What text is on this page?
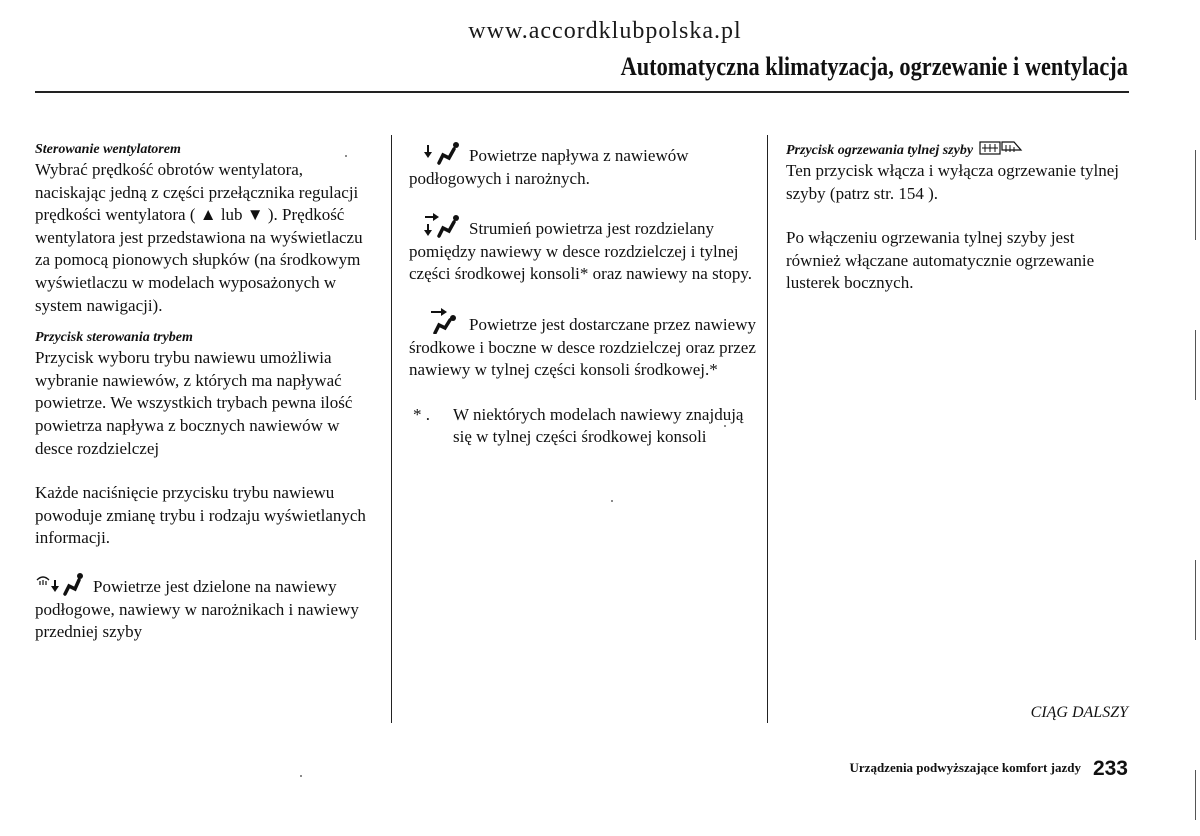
www.accordklubpolska.pl
Automatyczna klimatyzacja, ogrzewanie i wentylacja
Sterowanie wentylatorem

Wybrać prędkość obrotów wentylatora, naciskając jedną z części przełącznika regulacji prędkości wentylatora ( ▲ lub ▼ ). Prędkość wentylatora jest przedstawiona na wyświetlaczu za pomocą pionowych słupków (na środkowym wyświetlaczu w modelach wyposażonych w system nawigacji).

Przycisk sterowania trybem

Przycisk wyboru trybu nawiewu umożliwia wybranie nawiewów, z których ma napływać powietrze. We wszystkich trybach pewna ilość powietrza napływa z bocznych nawiewów w desce rozdzielczej

Każde naciśnięcie przycisku trybu nawiewu powoduje zmianę trybu i rodzaju wyświetlanych informacji.

Powietrze jest dzielone na nawiewy podłogowe, nawiewy w narożnikach i nawiewy przedniej szyby

Powietrze napływa z nawiewów podłogowych i narożnych.

Strumień powietrza jest rozdzielany pomiędzy nawiewy w desce rozdzielczej i tylnej części środkowej konsoli* oraz nawiewy na stopy.

Powietrze jest dostarczane przez nawiewy środkowe i boczne w desce rozdzielczej oraz przez nawiewy w tylnej części konsoli środkowej.*

* .	W niektórych modelach nawiewy znajdują się w tylnej części środkowej konsoli
Przycisk ogrzewania tylnej szyby

Ten przycisk włącza i wyłącza ogrzewanie tylnej szyby (patrz str. 154 ).

Po włączeniu ogrzewania tylnej szyby jest również włączane automatycznie ogrzewanie lusterek bocznych.

CIĄG DALSZY
Urządzenia podwyższające komfort jazdy 233
